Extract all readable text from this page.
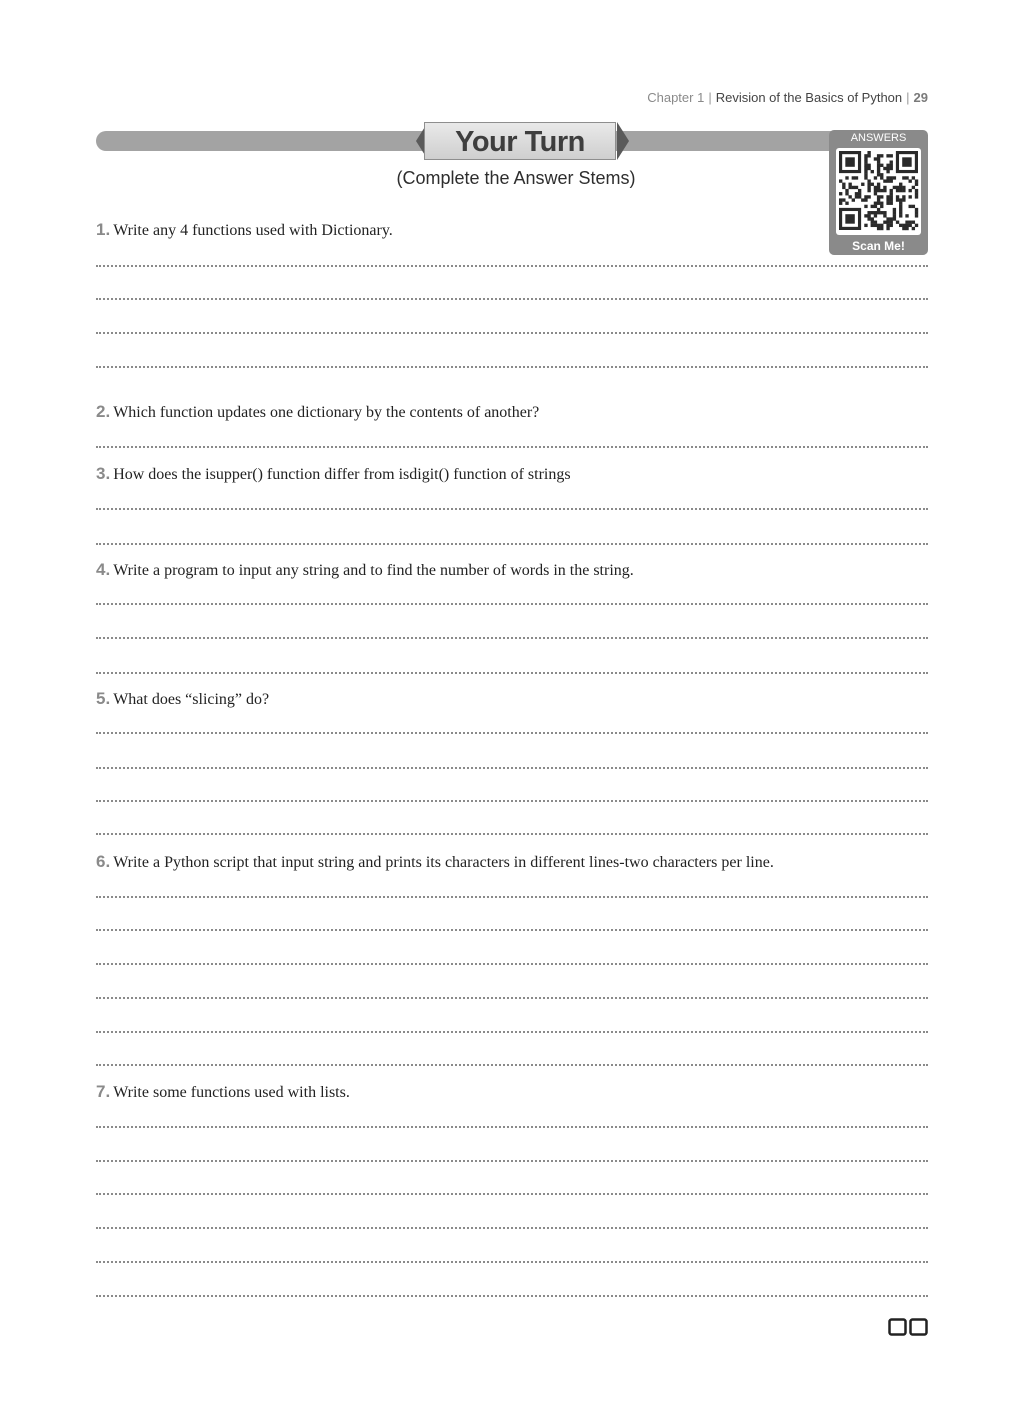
Chapter 1 | Revision of the Basics of Python | 29
Your Turn
(Complete the Answer Stems)
ANSWERS
Scan Me!
1. Write any 4 functions used with Dictionary.
2. Which function updates one dictionary by the contents of another?
3. How does the isupper() function differ from isdigit() function of strings
4. Write a program to input any string and to find the number of words in the string.
5. What does “slicing” do?
6. Write a Python script that input string and prints its characters in different lines-two characters per line.
7. Write some functions used with lists.
